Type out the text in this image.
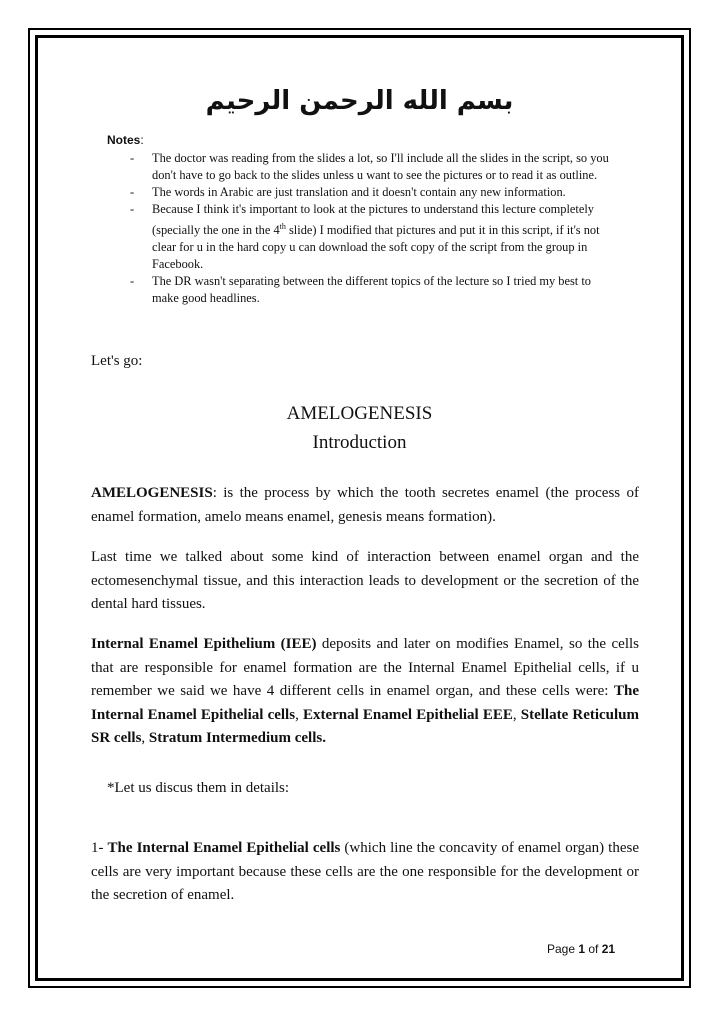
بسم الله الرحمن الرحيم
Notes:
- The doctor was reading from the slides a lot, so I'll include all the slides in the script, so you don't have to go back to the slides unless u want to see the pictures or to read it as outline.
- The words in Arabic are just translation and it doesn't contain any new information.
- Because I think it's important to look at the pictures to understand this lecture completely (specially the one in the 4th slide) I modified that pictures and put it in this script, if it's not clear for u in the hard copy u can download the soft copy of the script from the group in Facebook.
- The DR wasn't separating between the different topics of the lecture so I tried my best to make good headlines.
Let's go:
AMELOGENESIS
Introduction

AMELOGENESIS: is the process by which the tooth secretes enamel (the process of enamel formation, amelo means enamel, genesis means formation).

Last time we talked about some kind of interaction between enamel organ and the ectomesenchymal tissue, and this interaction leads to development or the secretion of the dental hard tissues.

Internal Enamel Epithelium (IEE) deposits and later on modifies Enamel, so the cells that are responsible for enamel formation are the Internal Enamel Epithelial cells, if u remember we said we have 4 different cells in enamel organ, and these cells were: The Internal Enamel Epithelial cells, External Enamel Epithelial EEE, Stellate Reticulum SR cells, Stratum Intermedium cells.

*Let us discus them in details:

1- The Internal Enamel Epithelial cells (which line the concavity of enamel organ) these cells are very important because these cells are the one responsible for the development or the secretion of enamel.

Page 1 of 21
